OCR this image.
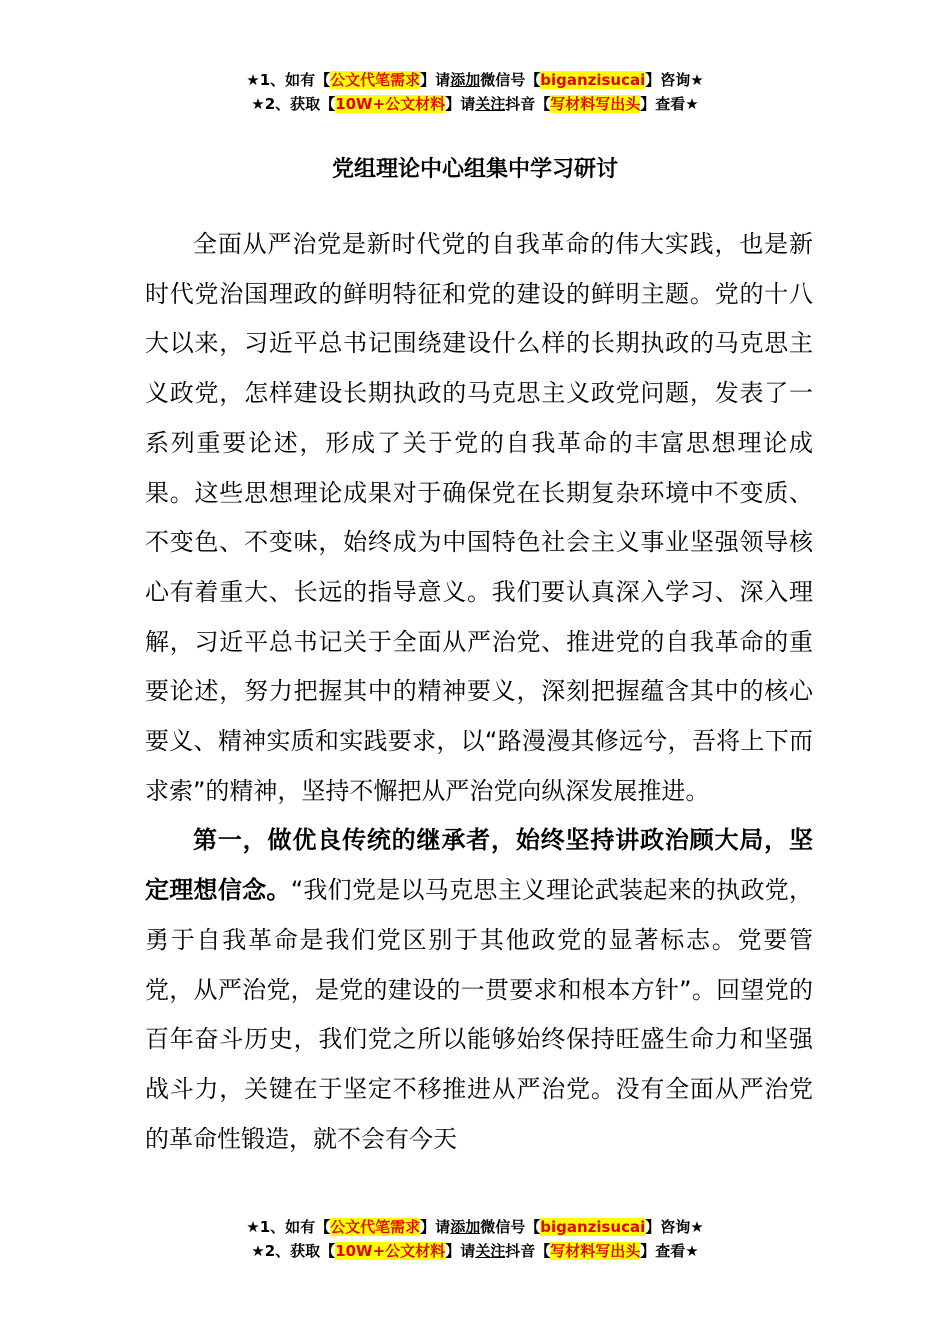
★1、如有【公文代笔需求】请添加微信号【biganzisucai】咨询★
★2、获取【10W+公文材料】请关注抖音【写材料写出头】查看★
党组理论中心组集中学习研讨

全面从严治党是新时代党的自我革命的伟大实践，也是新时代党治国理政的鲜明特征和党的建设的鲜明主题。党的十八大以来，习近平总书记围绕建设什么样的长期执政的马克思主义政党，怎样建设长期执政的马克思主义政党问题，发表了一系列重要论述，形成了关于党的自我革命的丰富思想理论成果。这些思想理论成果对于确保党在长期复杂环境中不变质、不变色、不变味，始终成为中国特色社会主义事业坚强领导核心有着重大、长远的指导意义。我们要认真深入学习、深入理解，习近平总书记关于全面从严治党、推进党的自我革命的重要论述，努力把握其中的精神要义，深刻把握蕴含其中的核心要义、精神实质和实践要求，以“路漫漫其修远兮，吾将上下而求索”的精神，坚持不懈把从严治党向纵深发展推进。

第一，做优良传统的继承者，始终坚持讲政治顾大局，坚定理想信念。“我们党是以马克思主义理论武装起来的执政党，勇于自我革命是我们党区别于其他政党的显著标志。党要管党，从严治党，是党的建设的一贯要求和根本方针”。回望党的百年奋斗历史，我们党之所以能够始终保持旺盛生命力和坚强战斗力，关键在于坚定不移推进从严治党。没有全面从严治党的革命性锻造，就不会有今天

★1、如有【公文代笔需求】请添加微信号【biganzisucai】咨询★
★2、获取【10W+公文材料】请关注抖音【写材料写出头】查看★
